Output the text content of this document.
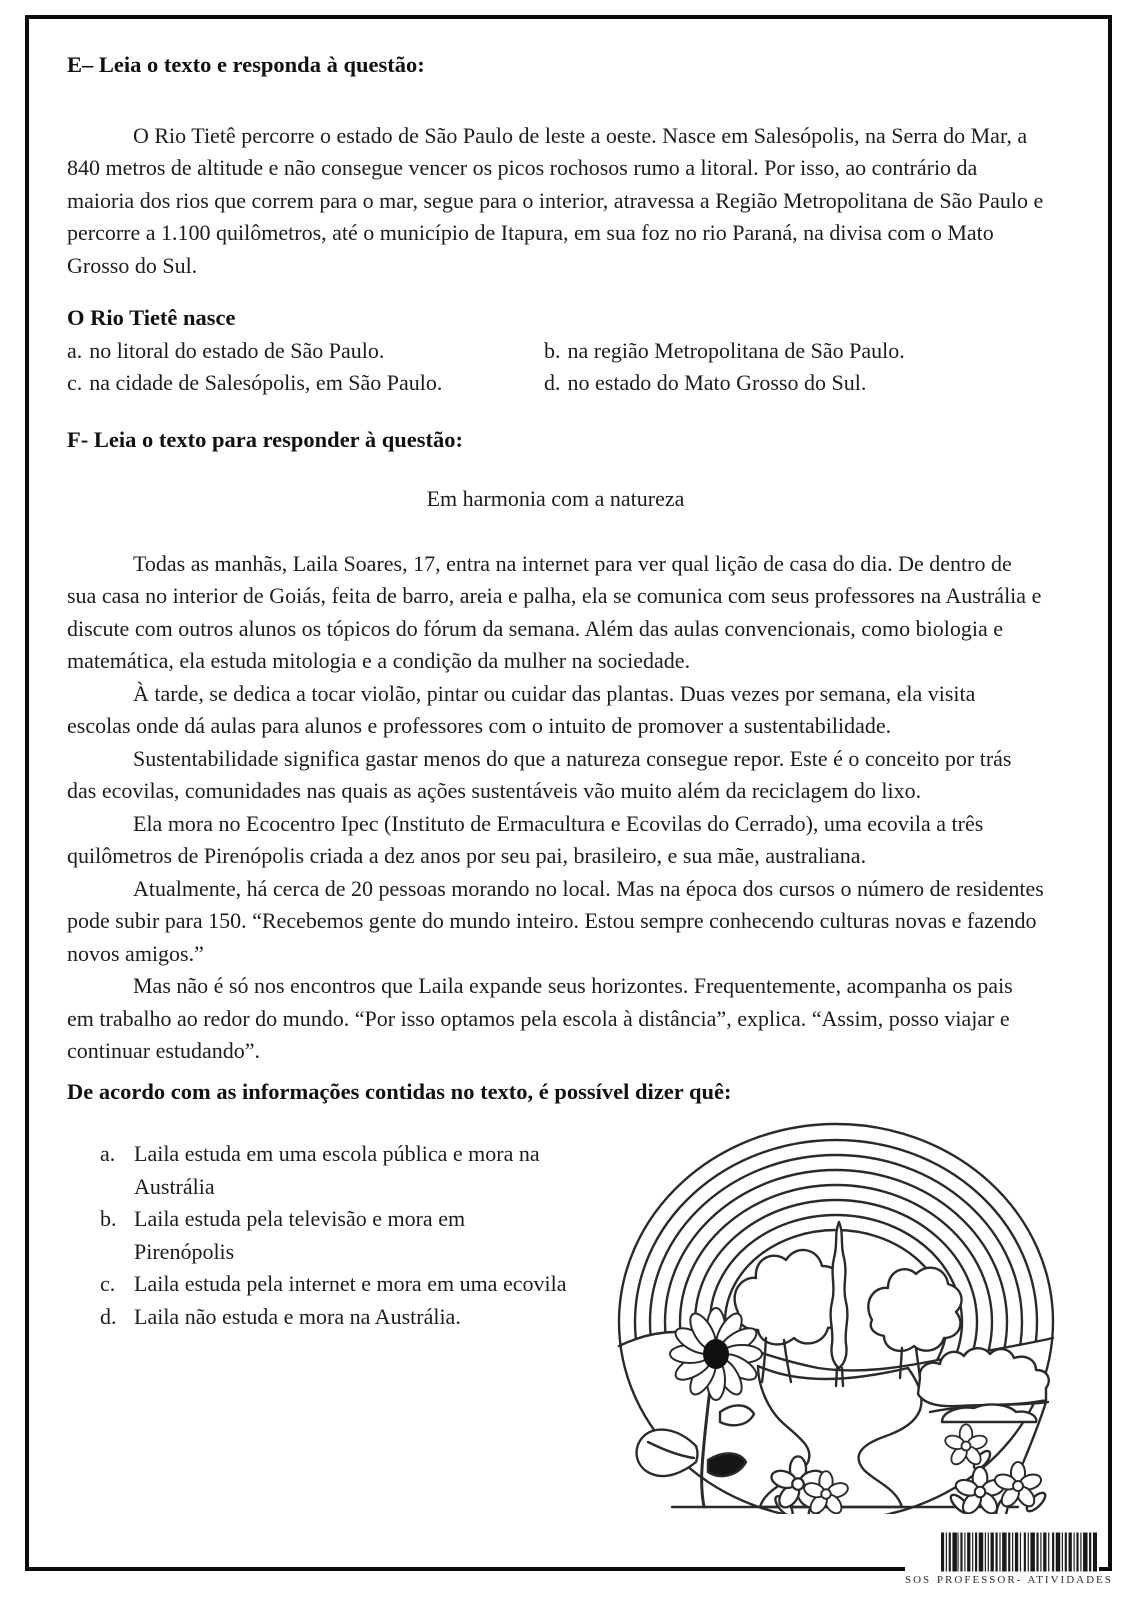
E– Leia o texto e responda à questão:

O Rio Tietê percorre o estado de São Paulo de leste a oeste. Nasce em Salesópolis, na Serra do Mar, a 840 metros de altitude e não consegue vencer os picos rochosos rumo a litoral. Por isso, ao contrário da maioria dos rios que correm para o mar, segue para o interior, atravessa a Região Metropolitana de São Paulo e percorre a 1.100 quilômetros, até o município de Itapura, em sua foz no rio Paraná, na divisa com o Mato Grosso do Sul.

O Rio Tietê nasce
a. no litoral do estado de São Paulo.	b. na região Metropolitana de São Paulo.
c. na cidade de Salesópolis, em São Paulo.	d. no estado do Mato Grosso do Sul.
F- Leia o texto para responder à questão:

Em harmonia com a natureza

Todas as manhãs, Laila Soares, 17, entra na internet para ver qual lição de casa do dia. De dentro de sua casa no interior de Goiás, feita de barro, areia e palha, ela se comunica com seus professores na Austrália e discute com outros alunos os tópicos do fórum da semana. Além das aulas convencionais, como biologia e matemática, ela estuda mitologia e a condição da mulher na sociedade.

À tarde, se dedica a tocar violão, pintar ou cuidar das plantas. Duas vezes por semana, ela visita escolas onde dá aulas para alunos e professores com o intuito de promover a sustentabilidade.

Sustentabilidade significa gastar menos do que a natureza consegue repor. Este é o conceito por trás das ecovilas, comunidades nas quais as ações sustentáveis vão muito além da reciclagem do lixo.

Ela mora no Ecocentro Ipec (Instituto de Ermacultura e Ecovilas do Cerrado), uma ecovila a três quilômetros de Pirenópolis criada a dez anos por seu pai, brasileiro, e sua mãe, australiana.

Atualmente, há cerca de 20 pessoas morando no local. Mas na época dos cursos o número de residentes pode subir para 150. “Recebemos gente do mundo inteiro. Estou sempre conhecendo culturas novas e fazendo novos amigos.”

Mas não é só nos encontros que Laila expande seus horizontes. Frequentemente, acompanha os pais em trabalho ao redor do mundo. “Por isso optamos pela escola à distância”, explica. “Assim, posso viajar e continuar estudando”.

De acordo com as informações contidas no texto, é possível dizer quê:
a. Laila estuda em uma escola pública e mora na Austrália
b. Laila estuda pela televisão e mora em Pirenópolis
c. Laila estuda pela internet e mora em uma ecovila
d. Laila não estuda e mora na Austrália.
SOS PROFESSOR- ATIVIDADES
